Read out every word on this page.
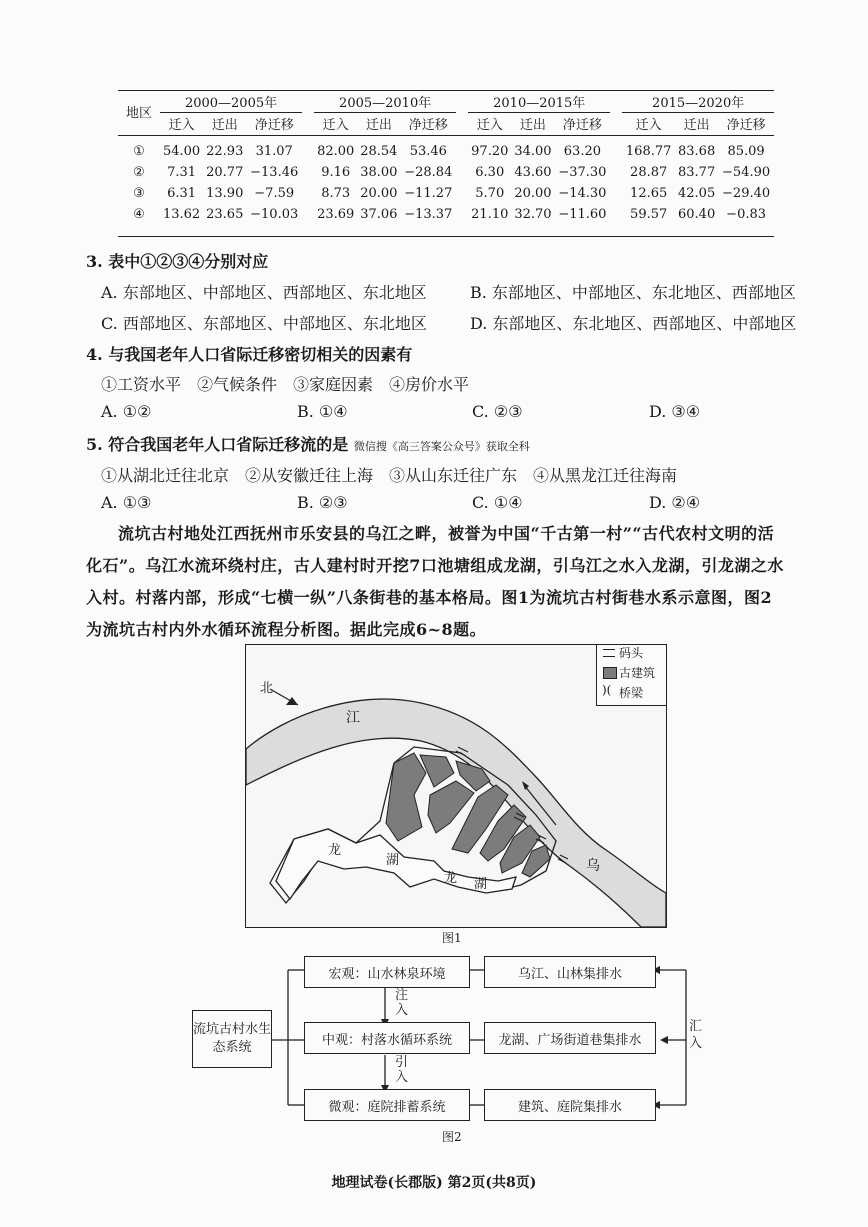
地区	2000—2005年				2005—2010年				2010—2015年				2015—2020年		
	迁入	迁出	净迁移		迁入	迁出	净迁移		迁入	迁出	净迁移		迁入	迁出	净迁移
①	54.00	22.93	31.07		82.00	28.54	53.46		97.20	34.00	63.20		168.77	83.68	85.09
②	7.31	20.77	−13.46		9.16	38.00	−28.84		6.30	43.60	−37.30		28.87	83.77	−54.90
③	6.31	13.90	−7.59		8.73	20.00	−11.27		5.70	20.00	−14.30		12.65	42.05	−29.40
④	13.62	23.65	−10.03		23.69	37.06	−13.37		21.10	32.70	−11.60		59.57	60.40	−0.83
3. 表中①②③④分别对应
A. 东部地区、中部地区、西部地区、东北地区	B. 东部地区、中部地区、东北地区、西部地区
C. 西部地区、东部地区、中部地区、东北地区	D. 东部地区、东北地区、西部地区、中部地区
4. 与我国老年人口省际迁移密切相关的因素有
①工资水平　②气候条件　③家庭因素　④房价水平
A. ①②	B. ①④	C. ②③	D. ③④
5. 符合我国老年人口省际迁移流的是 微信搜《高三答案公众号》获取全科
①从湖北迁往北京　②从安徽迁往上海　③从山东迁往广东　④从黑龙江迁往海南
A. ①③	B. ②③	C. ①④	D. ②④
流坑古村地处江西抚州市乐安县的乌江之畔，被誉为中国“千古第一村”“古代农村文明的活
化石”。乌江水流环绕村庄，古人建村时开挖7口池塘组成龙湖，引乌江之水入龙湖，引龙湖之水
入村。村落内部，形成“七横一纵”八条街巷的基本格局。图1为流坑古村街巷水系示意图，图2
为流坑古村内外水循环流程分析图。据此完成6~8题。
北
江
乌
龙
湖
龙 湖
码头
古建筑
)( 桥梁
图1
流坑古村水生态系统
宏观：山水林泉环境
中观：村落水循环系统
微观：庭院排蓄系统
乌江、山林集排水
龙湖、广场街道巷集排水
建筑、庭院集排水
注入
引入
汇入
图2
地理试卷(长郡版) 第2页(共8页)
